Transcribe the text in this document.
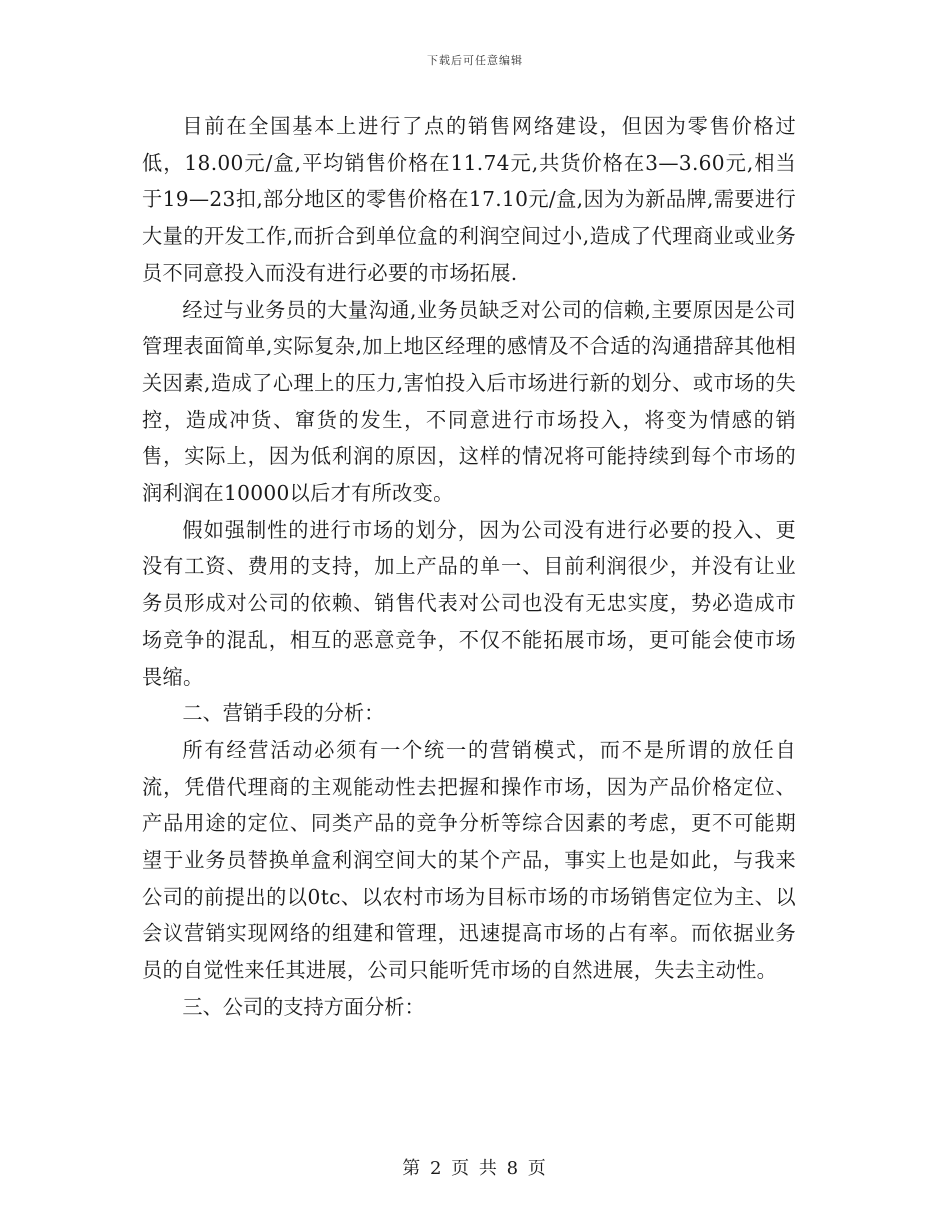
下载后可任意编辑

目前在全国基本上进行了点的销售网络建设，但因为零售价格过低，18.00元/盒,平均销售价格在11.74元,共货价格在3—3.60元,相当于19—23扣,部分地区的零售价格在17.10元/盒,因为为新品牌,需要进行大量的开发工作,而折合到单位盒的利润空间过小,造成了代理商业或业务员不同意投入而没有进行必要的市场拓展.

经过与业务员的大量沟通,业务员缺乏对公司的信赖,主要原因是公司管理表面简单,实际复杂,加上地区经理的感情及不合适的沟通措辞其他相关因素,造成了心理上的压力,害怕投入后市场进行新的划分、或市场的失控，造成冲货、窜货的发生，不同意进行市场投入，将变为情感的销售，实际上，因为低利润的原因，这样的情况将可能持续到每个市场的润利润在10000以后才有所改变。

假如强制性的进行市场的划分，因为公司没有进行必要的投入、更没有工资、费用的支持，加上产品的单一、目前利润很少，并没有让业务员形成对公司的依赖、销售代表对公司也没有无忠实度，势必造成市场竞争的混乱，相互的恶意竞争，不仅不能拓展市场，更可能会使市场畏缩。

二、营销手段的分析：

所有经营活动必须有一个统一的营销模式，而不是所谓的放任自流，凭借代理商的主观能动性去把握和操作市场，因为产品价格定位、产品用途的定位、同类产品的竞争分析等综合因素的考虑，更不可能期望于业务员替换单盒利润空间大的某个产品，事实上也是如此，与我来公司的前提出的以0tc、以农村市场为目标市场的市场销售定位为主、以会议营销实现网络的组建和管理，迅速提高市场的占有率。而依据业务员的自觉性来任其进展，公司只能听凭市场的自然进展，失去主动性。

三、公司的支持方面分析：

第 2 页 共 8 页
